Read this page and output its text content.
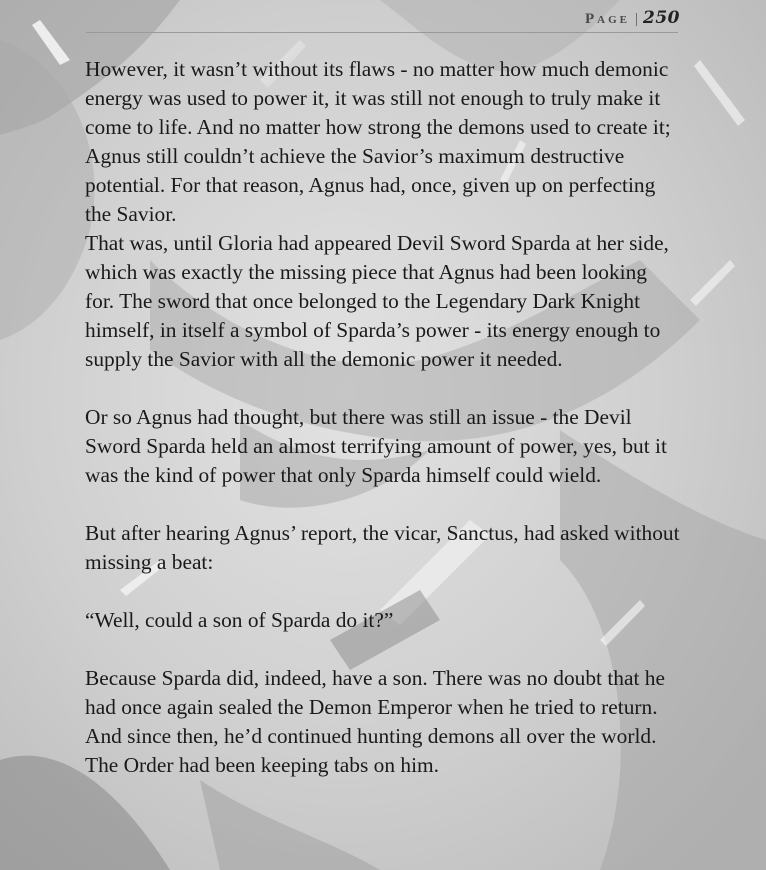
Page | 250

However, it wasn’t without its flaws - no matter how much demonic energy was used to power it, it was still not enough to truly make it come to life. And no matter how strong the demons used to create it; Agnus still couldn’t achieve the Savior’s maximum destructive potential. For that reason, Agnus had, once, given up on perfecting the Savior.

That was, until Gloria had appeared Devil Sword Sparda at her side, which was exactly the missing piece that Agnus had been looking for. The sword that once belonged to the Legendary Dark Knight himself, in itself a symbol of Sparda’s power - its energy enough to supply the Savior with all the demonic power it needed.

Or so Agnus had thought, but there was still an issue - the Devil Sword Sparda held an almost terrifying amount of power, yes, but it was the kind of power that only Sparda himself could wield.

But after hearing Agnus’ report, the vicar, Sanctus, had asked without missing a beat:

“Well, could a son of Sparda do it?”

Because Sparda did, indeed, have a son. There was no doubt that he had once again sealed the Demon Emperor when he tried to return. And since then, he’d continued hunting demons all over the world. The Order had been keeping tabs on him.
